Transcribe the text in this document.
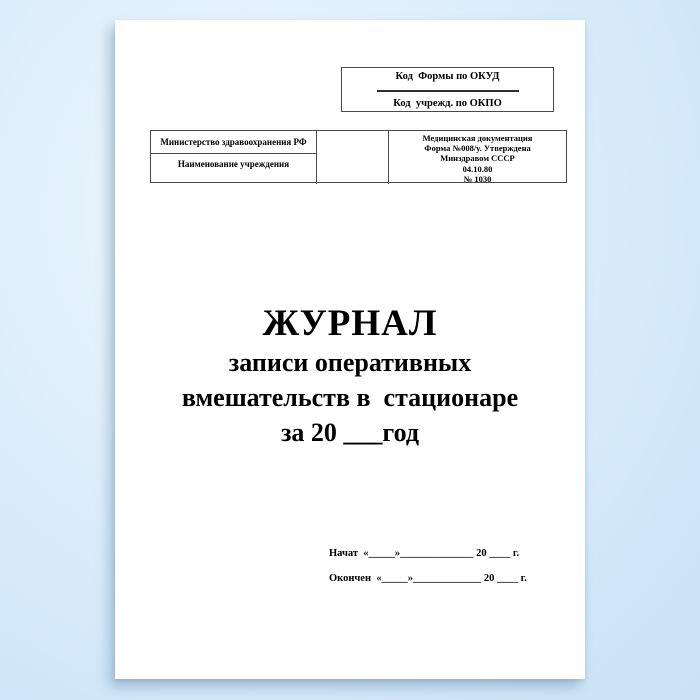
Код  Формы по ОКУД
Код  учрежд. по ОКПО
Министерство здравоохранения РФ
Наименование учреждения
Медицинская документация
Форма №008/у. Утверждена
Минздравом СССР
04.10.80
№ 1030
ЖУРНАЛ
записи оперативных
вмешательств в  стационаре
за 20 ___год
Начат  «_____»______________ 20 ____ г.
Окончен  «_____»_____________ 20 ____ г.
